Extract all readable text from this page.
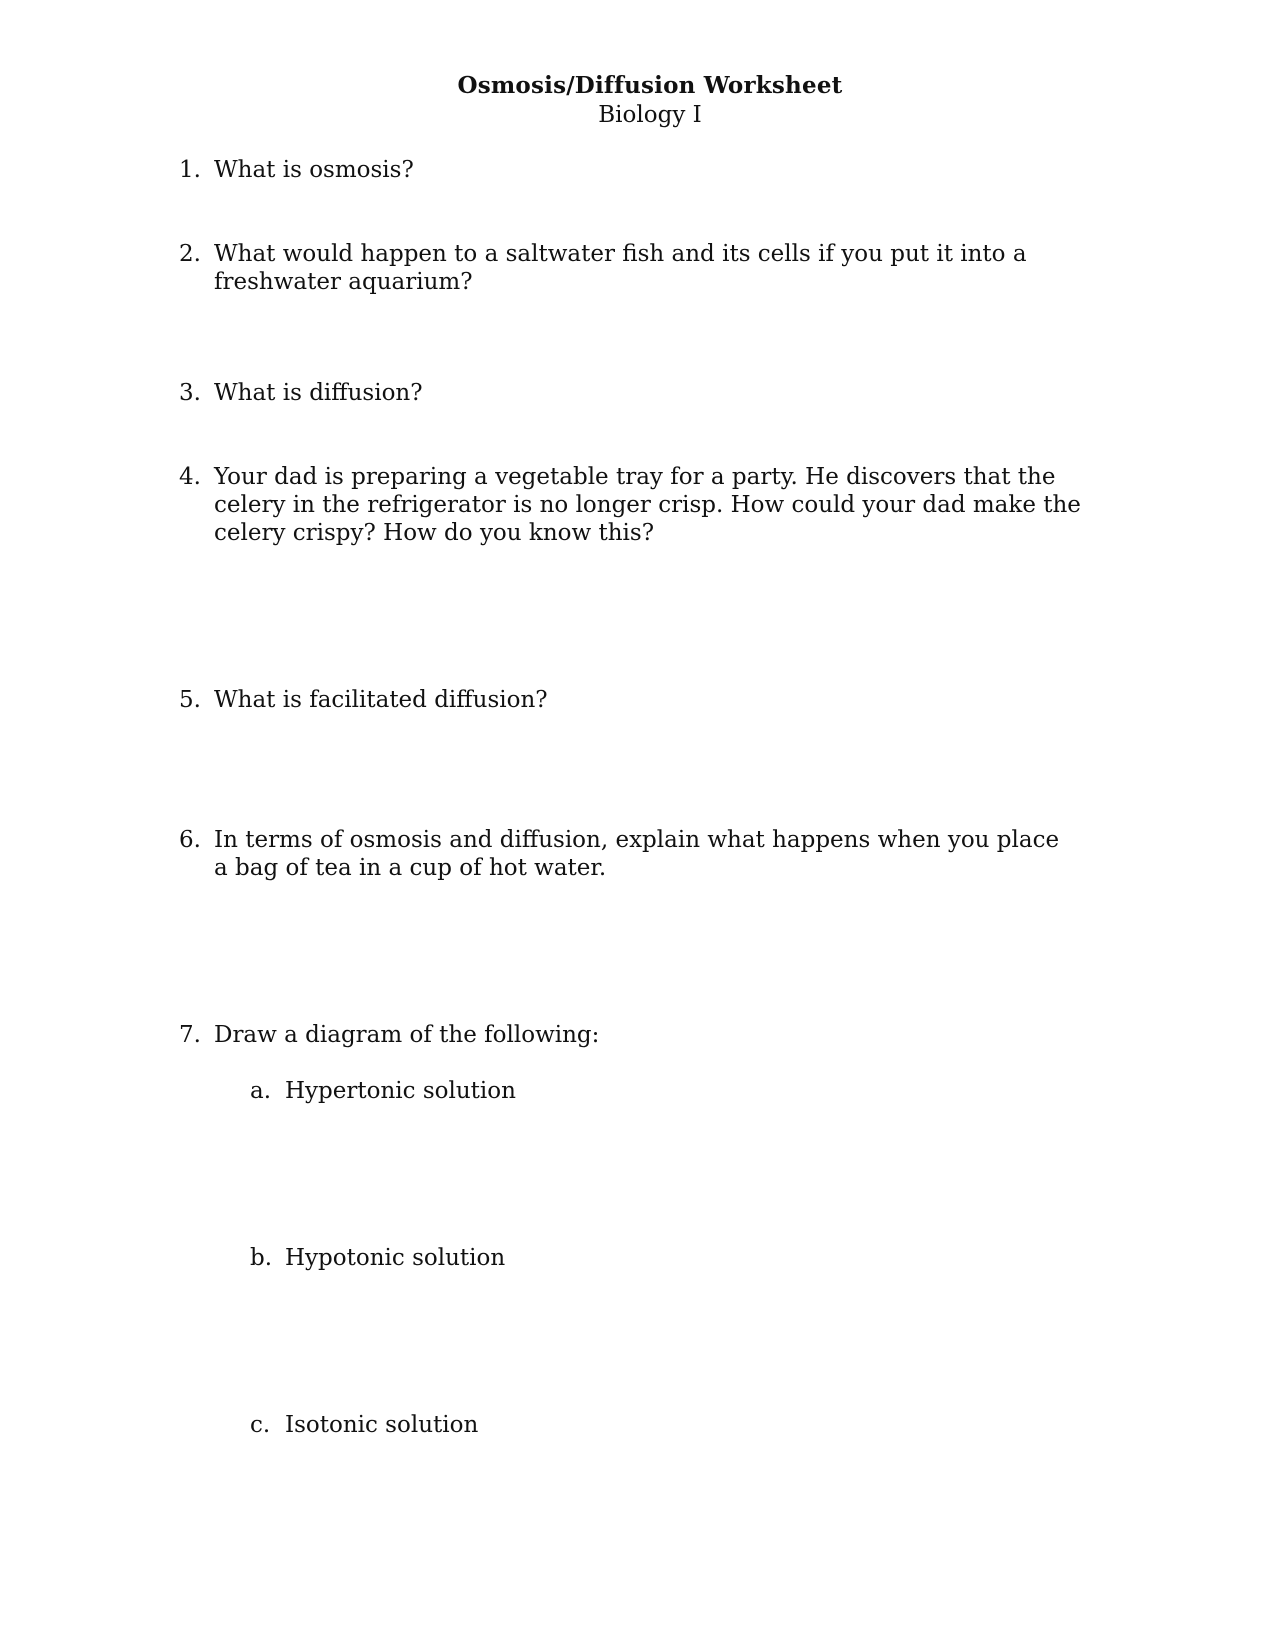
Osmosis/Diffusion Worksheet
Biology I
1. What is osmosis?
2. What would happen to a saltwater fish and its cells if you put it into a
freshwater aquarium?
3. What is diffusion?
4. Your dad is preparing a vegetable tray for a party. He discovers that the
celery in the refrigerator is no longer crisp. How could your dad make the
celery crispy? How do you know this?
5. What is facilitated diffusion?
6. In terms of osmosis and diffusion, explain what happens when you place
a bag of tea in a cup of hot water.
7. Draw a diagram of the following:
a. Hypertonic solution
b. Hypotonic solution
c. Isotonic solution
